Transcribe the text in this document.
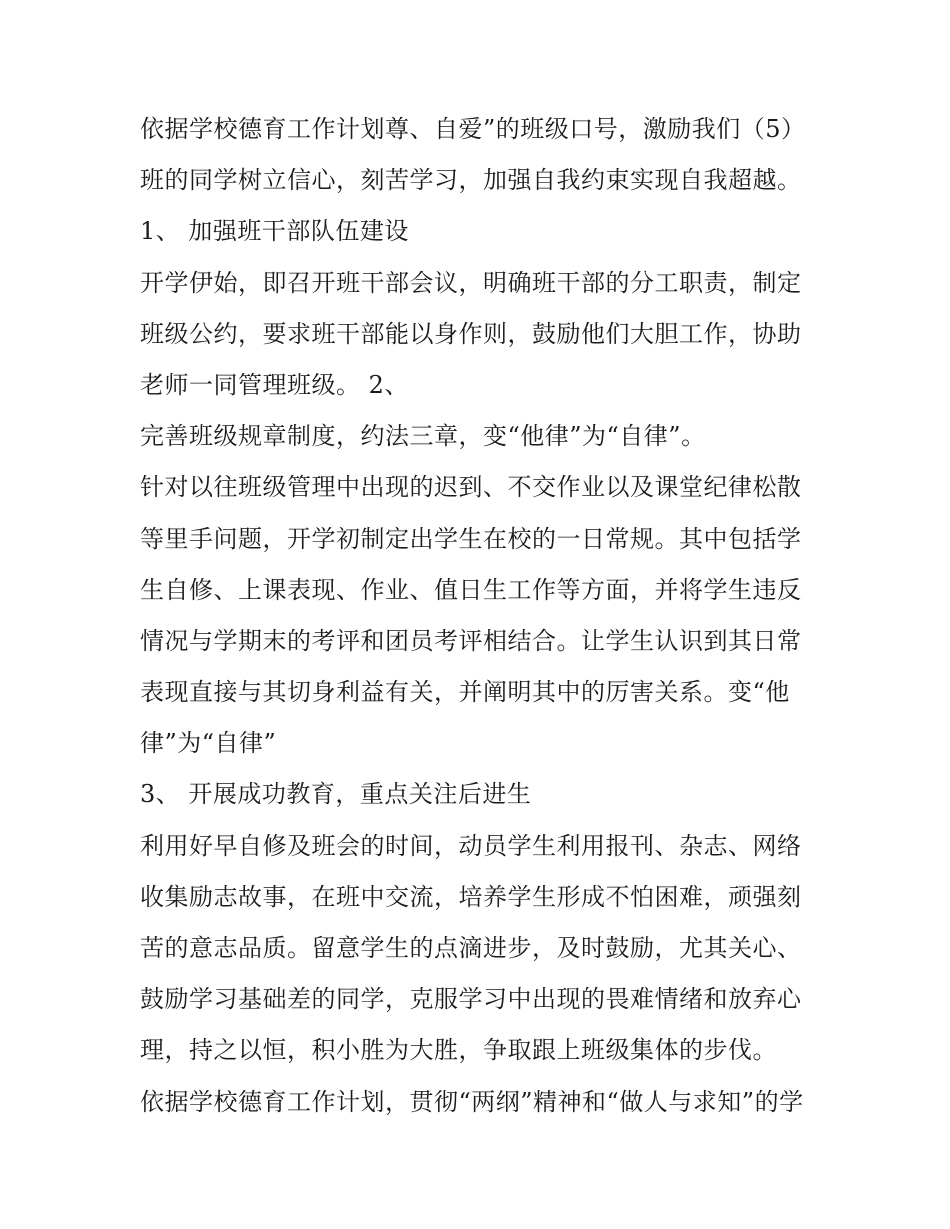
依据学校德育工作计划尊、自爱”的班级口号，激励我们（5）
班的同学树立信心，刻苦学习，加强自我约束实现自我超越。
1、 加强班干部队伍建设
开学伊始，即召开班干部会议，明确班干部的分工职责，制定
班级公约，要求班干部能以身作则，鼓励他们大胆工作，协助
老师一同管理班级。 2、
完善班级规章制度，约法三章，变“他律”为“自律”。
针对以往班级管理中出现的迟到、不交作业以及课堂纪律松散
等里手问题，开学初制定出学生在校的一日常规。其中包括学
生自修、上课表现、作业、值日生工作等方面，并将学生违反
情况与学期末的考评和团员考评相结合。让学生认识到其日常
表现直接与其切身利益有关，并阐明其中的厉害关系。变“他
律”为“自律”
3、 开展成功教育，重点关注后进生
利用好早自修及班会的时间，动员学生利用报刊、杂志、网络
收集励志故事，在班中交流，培养学生形成不怕困难，顽强刻
苦的意志品质。留意学生的点滴进步，及时鼓励，尤其关心、
鼓励学习基础差的同学，克服学习中出现的畏难情绪和放弃心
理，持之以恒，积小胜为大胜，争取跟上班级集体的步伐。
依据学校德育工作计划，贯彻“两纲”精神和“做人与求知”的学
